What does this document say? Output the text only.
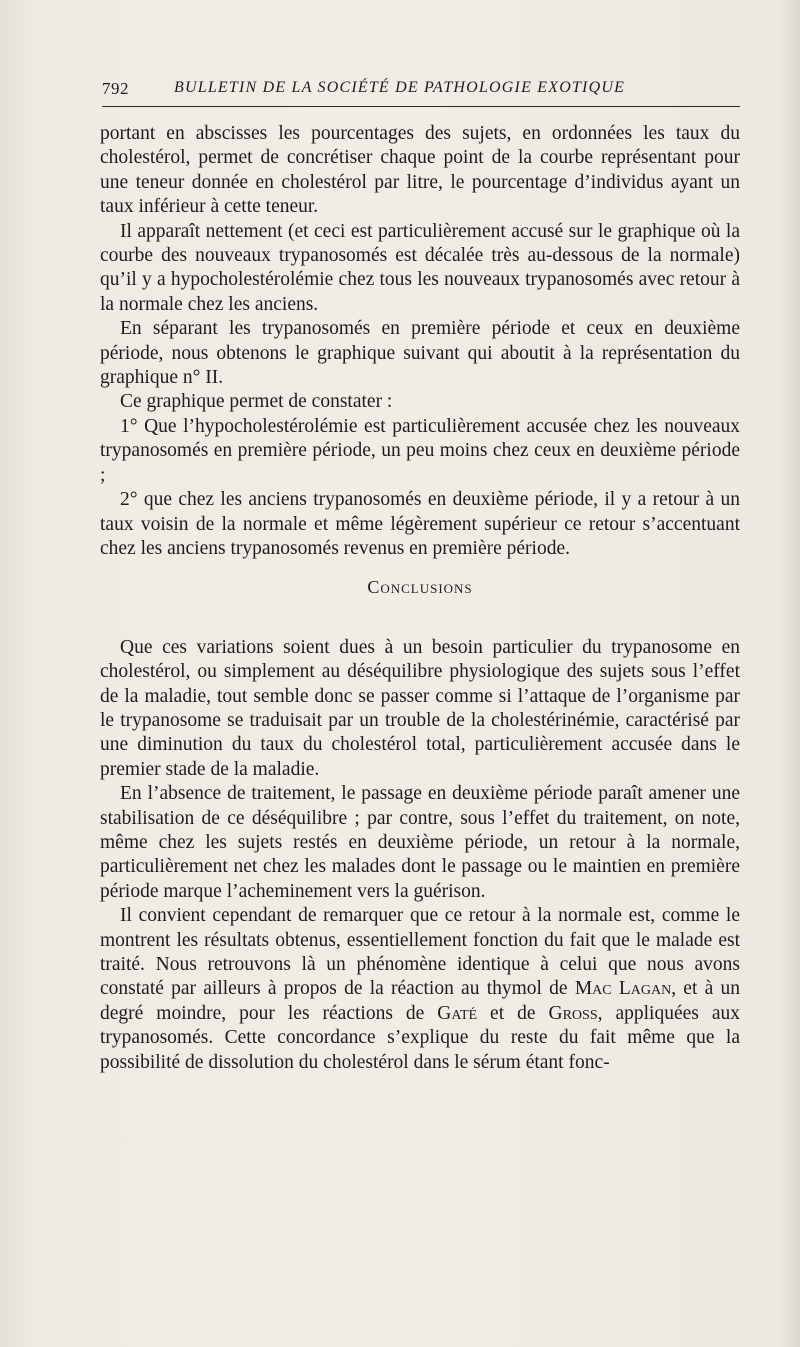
792	BULLETIN DE LA SOCIÉTÉ DE PATHOLOGIE EXOTIQUE

portant en abscisses les pourcentages des sujets, en ordonnées les taux du cholestérol, permet de concrétiser chaque point de la courbe représentant pour une teneur donnée en cholestérol par litre, le pourcentage d’individus ayant un taux inférieur à cette teneur.

Il apparaît nettement (et ceci est particulièrement accusé sur le graphique où la courbe des nouveaux trypanosomés est décalée très au-dessous de la normale) qu’il y a hypocholestérolémie chez tous les nouveaux trypanosomés avec retour à la normale chez les anciens.

En séparant les trypanosomés en première période et ceux en deuxième période, nous obtenons le graphique suivant qui aboutit à la représentation du graphique n° II.

Ce graphique permet de constater :

1° Que l’hypocholestérolémie est particulièrement accusée chez les nouveaux trypanosomés en première période, un peu moins chez ceux en deuxième période ;

2° que chez les anciens trypanosomés en deuxième période, il y a retour à un taux voisin de la normale et même légèrement supérieur ce retour s’accentuant chez les anciens trypanosomés revenus en première période.

Conclusions

Que ces variations soient dues à un besoin particulier du trypanosome en cholestérol, ou simplement au déséquilibre physiologique des sujets sous l’effet de la maladie, tout semble donc se passer comme si l’attaque de l’organisme par le trypanosome se traduisait par un trouble de la cholestérinémie, caractérisé par une diminution du taux du cholestérol total, particulièrement accusée dans le premier stade de la maladie.

En l’absence de traitement, le passage en deuxième période paraît amener une stabilisation de ce déséquilibre ; par contre, sous l’effet du traitement, on note, même chez les sujets restés en deuxième période, un retour à la normale, particulièrement net chez les malades dont le passage ou le maintien en première période marque l’acheminement vers la guérison.

Il convient cependant de remarquer que ce retour à la normale est, comme le montrent les résultats obtenus, essentiellement fonction du fait que le malade est traité. Nous retrouvons là un phénomène identique à celui que nous avons constaté par ailleurs à propos de la réaction au thymol de Mac Lagan, et à un degré moindre, pour les réactions de Gaté et de Gross, appliquées aux trypanosomés. Cette concordance s’explique du reste du fait même que la possibilité de dissolution du cholestérol dans le sérum étant fonc-
